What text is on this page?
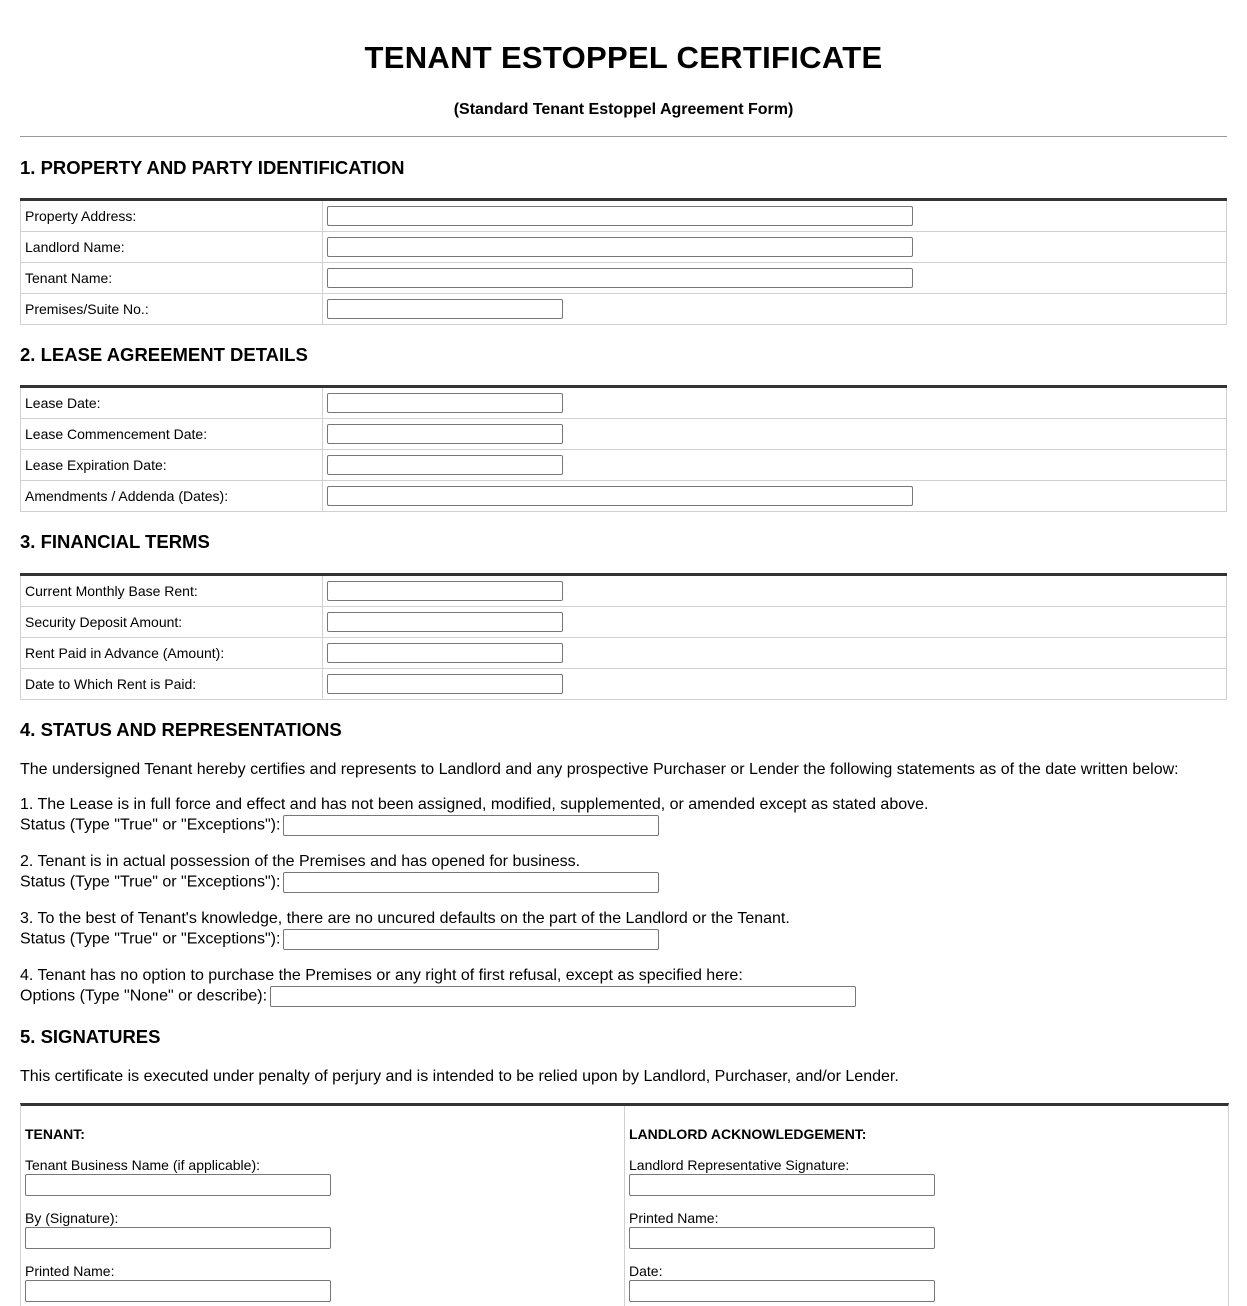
TENANT ESTOPPEL CERTIFICATE
(Standard Tenant Estoppel Agreement Form)
1. PROPERTY AND PARTY IDENTIFICATION
Property Address:	
Landlord Name:	
Tenant Name:	
Premises/Suite No.:	
2. LEASE AGREEMENT DETAILS
Lease Date:	
Lease Commencement Date:	
Lease Expiration Date:	
Amendments / Addenda (Dates):	
3. FINANCIAL TERMS
Current Monthly Base Rent:	
Security Deposit Amount:	
Rent Paid in Advance (Amount):	
Date to Which Rent is Paid:	
4. STATUS AND REPRESENTATIONS
The undersigned Tenant hereby certifies and represents to Landlord and any prospective Purchaser or Lender the following statements as of the date written below:
1. The Lease is in full force and effect and has not been assigned, modified, supplemented, or amended except as stated above.
Status (Type "True" or "Exceptions"):
2. Tenant is in actual possession of the Premises and has opened for business.
Status (Type "True" or "Exceptions"):
3. To the best of Tenant's knowledge, there are no uncured defaults on the part of the Landlord or the Tenant.
Status (Type "True" or "Exceptions"):
4. Tenant has no option to purchase the Premises or any right of first refusal, except as specified here:
Options (Type "None" or describe):
5. SIGNATURES
This certificate is executed under penalty of perjury and is intended to be relied upon by Landlord, Purchaser, and/or Lender.
TENANT:
Tenant Business Name (if applicable):
By (Signature):
Printed Name:
LANDLORD ACKNOWLEDGEMENT:
Landlord Representative Signature:
Printed Name:
Date:
